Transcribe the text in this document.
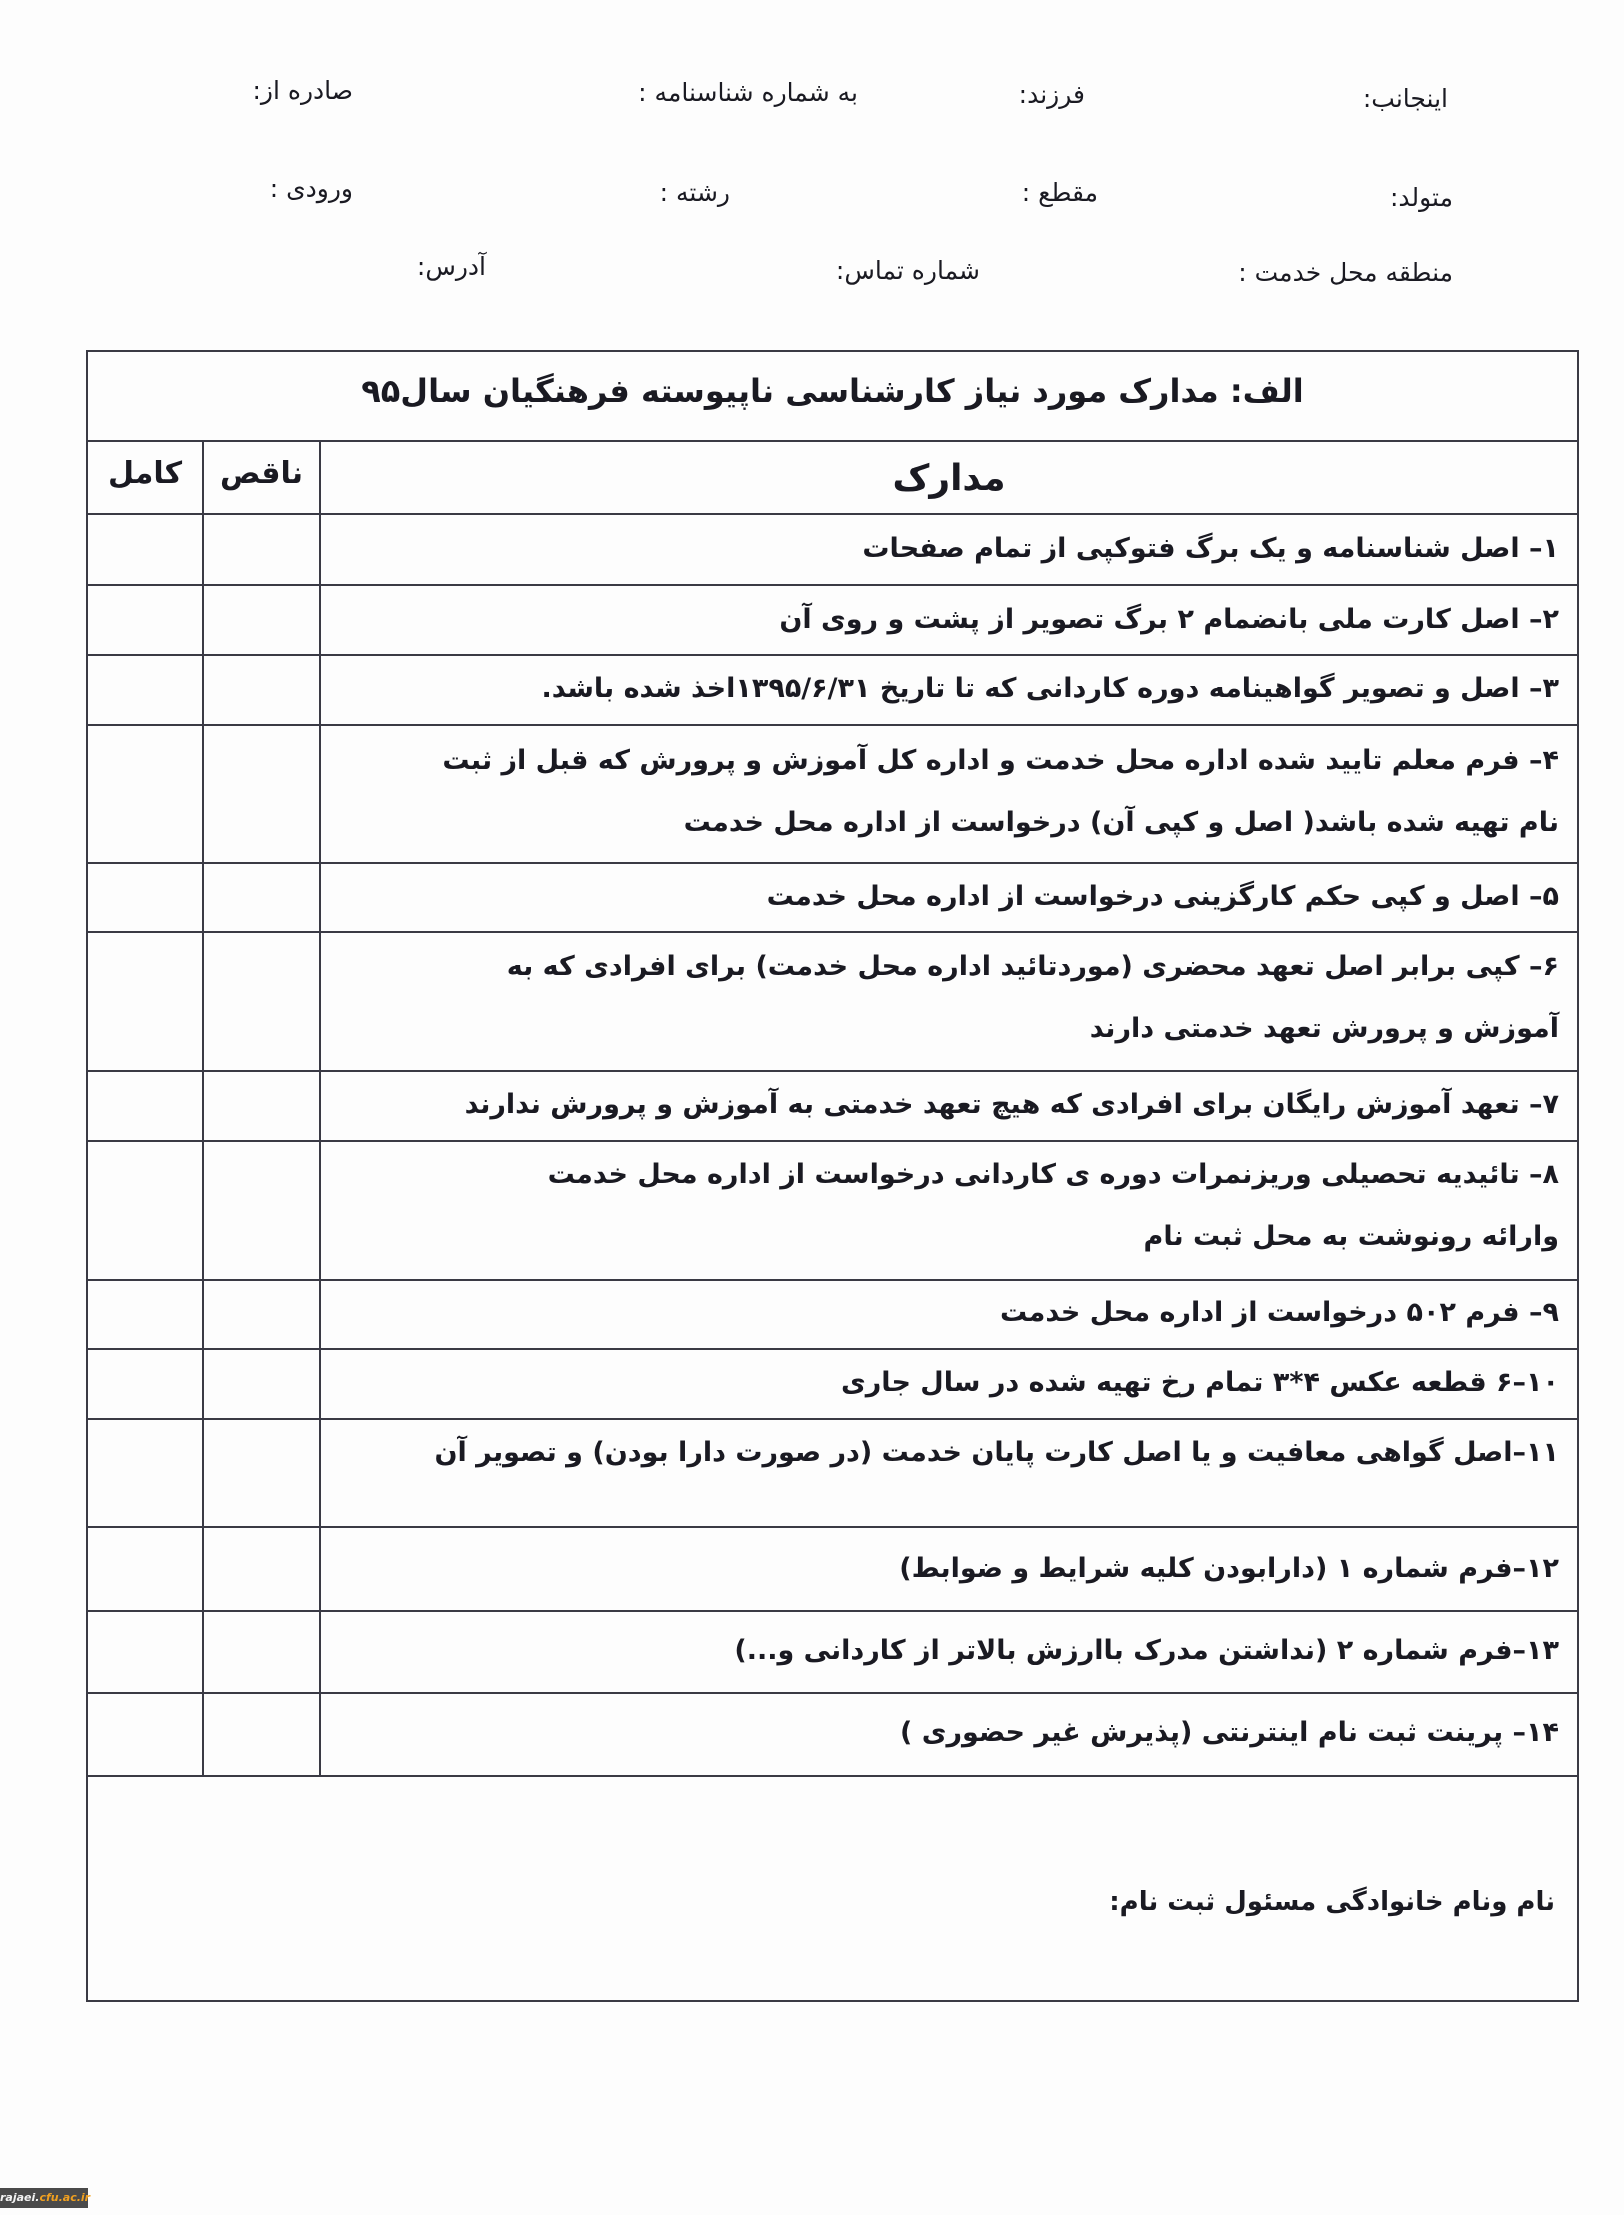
اینجانب:
فرزند:
به شماره شناسنامه :
صادره از:
متولد:
مقطع :
رشته :
ورودی :
منطقه محل خدمت :
شماره تماس:
آدرس:
الف: مدارک مورد نیاز کارشناسی ناپیوسته فرهنگیان سال۹۵
کامل	ناقص	مدارک
۱– اصل شناسنامه و یک برگ فتوکپی از تمام صفحات
۲– اصل کارت ملی بانضمام ۲ برگ تصویر از پشت و روی آن
۳– اصل و تصویر گواهینامه دوره کاردانی که تا تاریخ ۱۳۹۵/۶/۳۱اخذ شده باشد.
۴– فرم معلم تایید شده اداره محل خدمت و اداره کل آموزش و پرورش که قبل از ثبت
نام تهیه شده باشد( اصل و کپی آن) درخواست از اداره محل خدمت
۵– اصل و کپی حکم کارگزینی درخواست از اداره محل خدمت
۶– کپی برابر اصل تعهد محضری (موردتائید اداره محل خدمت) برای افرادی که به
آموزش و پرورش تعهد خدمتی دارند
۷– تعهد آموزش رایگان برای افرادی که هیچ تعهد خدمتی به آموزش و پرورش ندارند
۸– تائیدیه تحصیلی وریزنمرات دوره ی کاردانی درخواست از اداره محل خدمت
وارائه رونوشت به محل ثبت نام
۹– فرم ۵۰۲ درخواست از اداره محل خدمت
۱۰–۶ قطعه عکس ۴*۳ تمام رخ تهیه شده در سال جاری
۱۱–اصل گواهی معافیت و یا اصل کارت پایان خدمت (در صورت دارا بودن) و تصویر آن
۱۲–فرم شماره ۱ (دارابودن کلیه شرایط و ضوابط)
۱۳–فرم شماره ۲ (نداشتن مدرک باارزش بالاتر از کاردانی و...)
۱۴– پرینت ثبت نام اینترنتی (پذیرش غیر حضوری )
نام ونام خانوادگی مسئول ثبت نام:
rajaei.cfu.ac.ir
